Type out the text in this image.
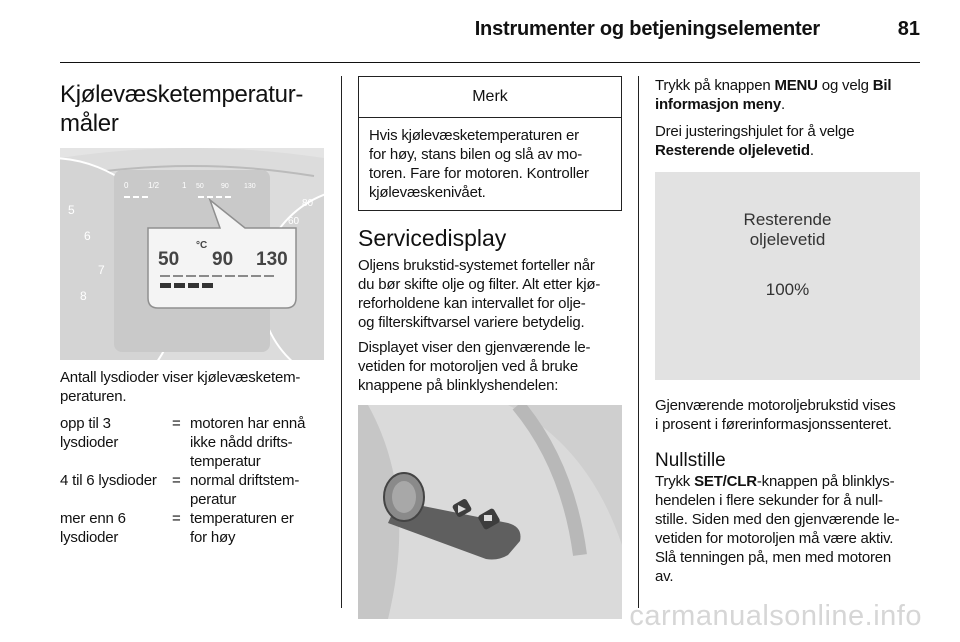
Instrumenter og betjeningselementer	81
Kjølevæsketemperatur-
måler
0 1/2	1 50 90 130
50 90 130
°C
5
6
7
8
80
60

Antall lysdioder viser kjølevæsketem-
peraturen.

opp til 3
lysdioder
= motoren har ennå
ikke nådd drifts-
temperatur
4 til 6 lysdioder	= normal driftstem-
peratur
mer enn 6
lysdioder
= temperaturen er
for høy
Merk
Hvis kjølevæsketemperaturen er
for høy, stans bilen og slå av mo-
toren. Fare for motoren. Kontroller
kjølevæskenivået.
Servicedisplay

Oljens brukstid-systemet forteller når
du bør skifte olje og filter. Alt etter kjø-
reforholdene kan intervallet for olje-
og filterskiftvarsel variere betydelig.

Displayet viser den gjenværende le-
vetiden for motoroljen ved å bruke
knappene på blinklyshendelen:

Trykk på knappen MENU og velg Bil
informasjon meny.

Drei justeringshjulet for å velge
Resterende oljelevetid.

Resterende
oljelevetid
100%

Gjenværende motoroljebrukstid vises
i prosent i førerinformasjonssenteret.

Nullstille

Trykk SET/CLR-knappen på blinklys-
hendelen i flere sekunder for å null-
stille. Siden med den gjenværende le-
vetiden for motoroljen må være aktiv.
Slå tenningen på, men med motoren
av.

carmanualsonline.info
